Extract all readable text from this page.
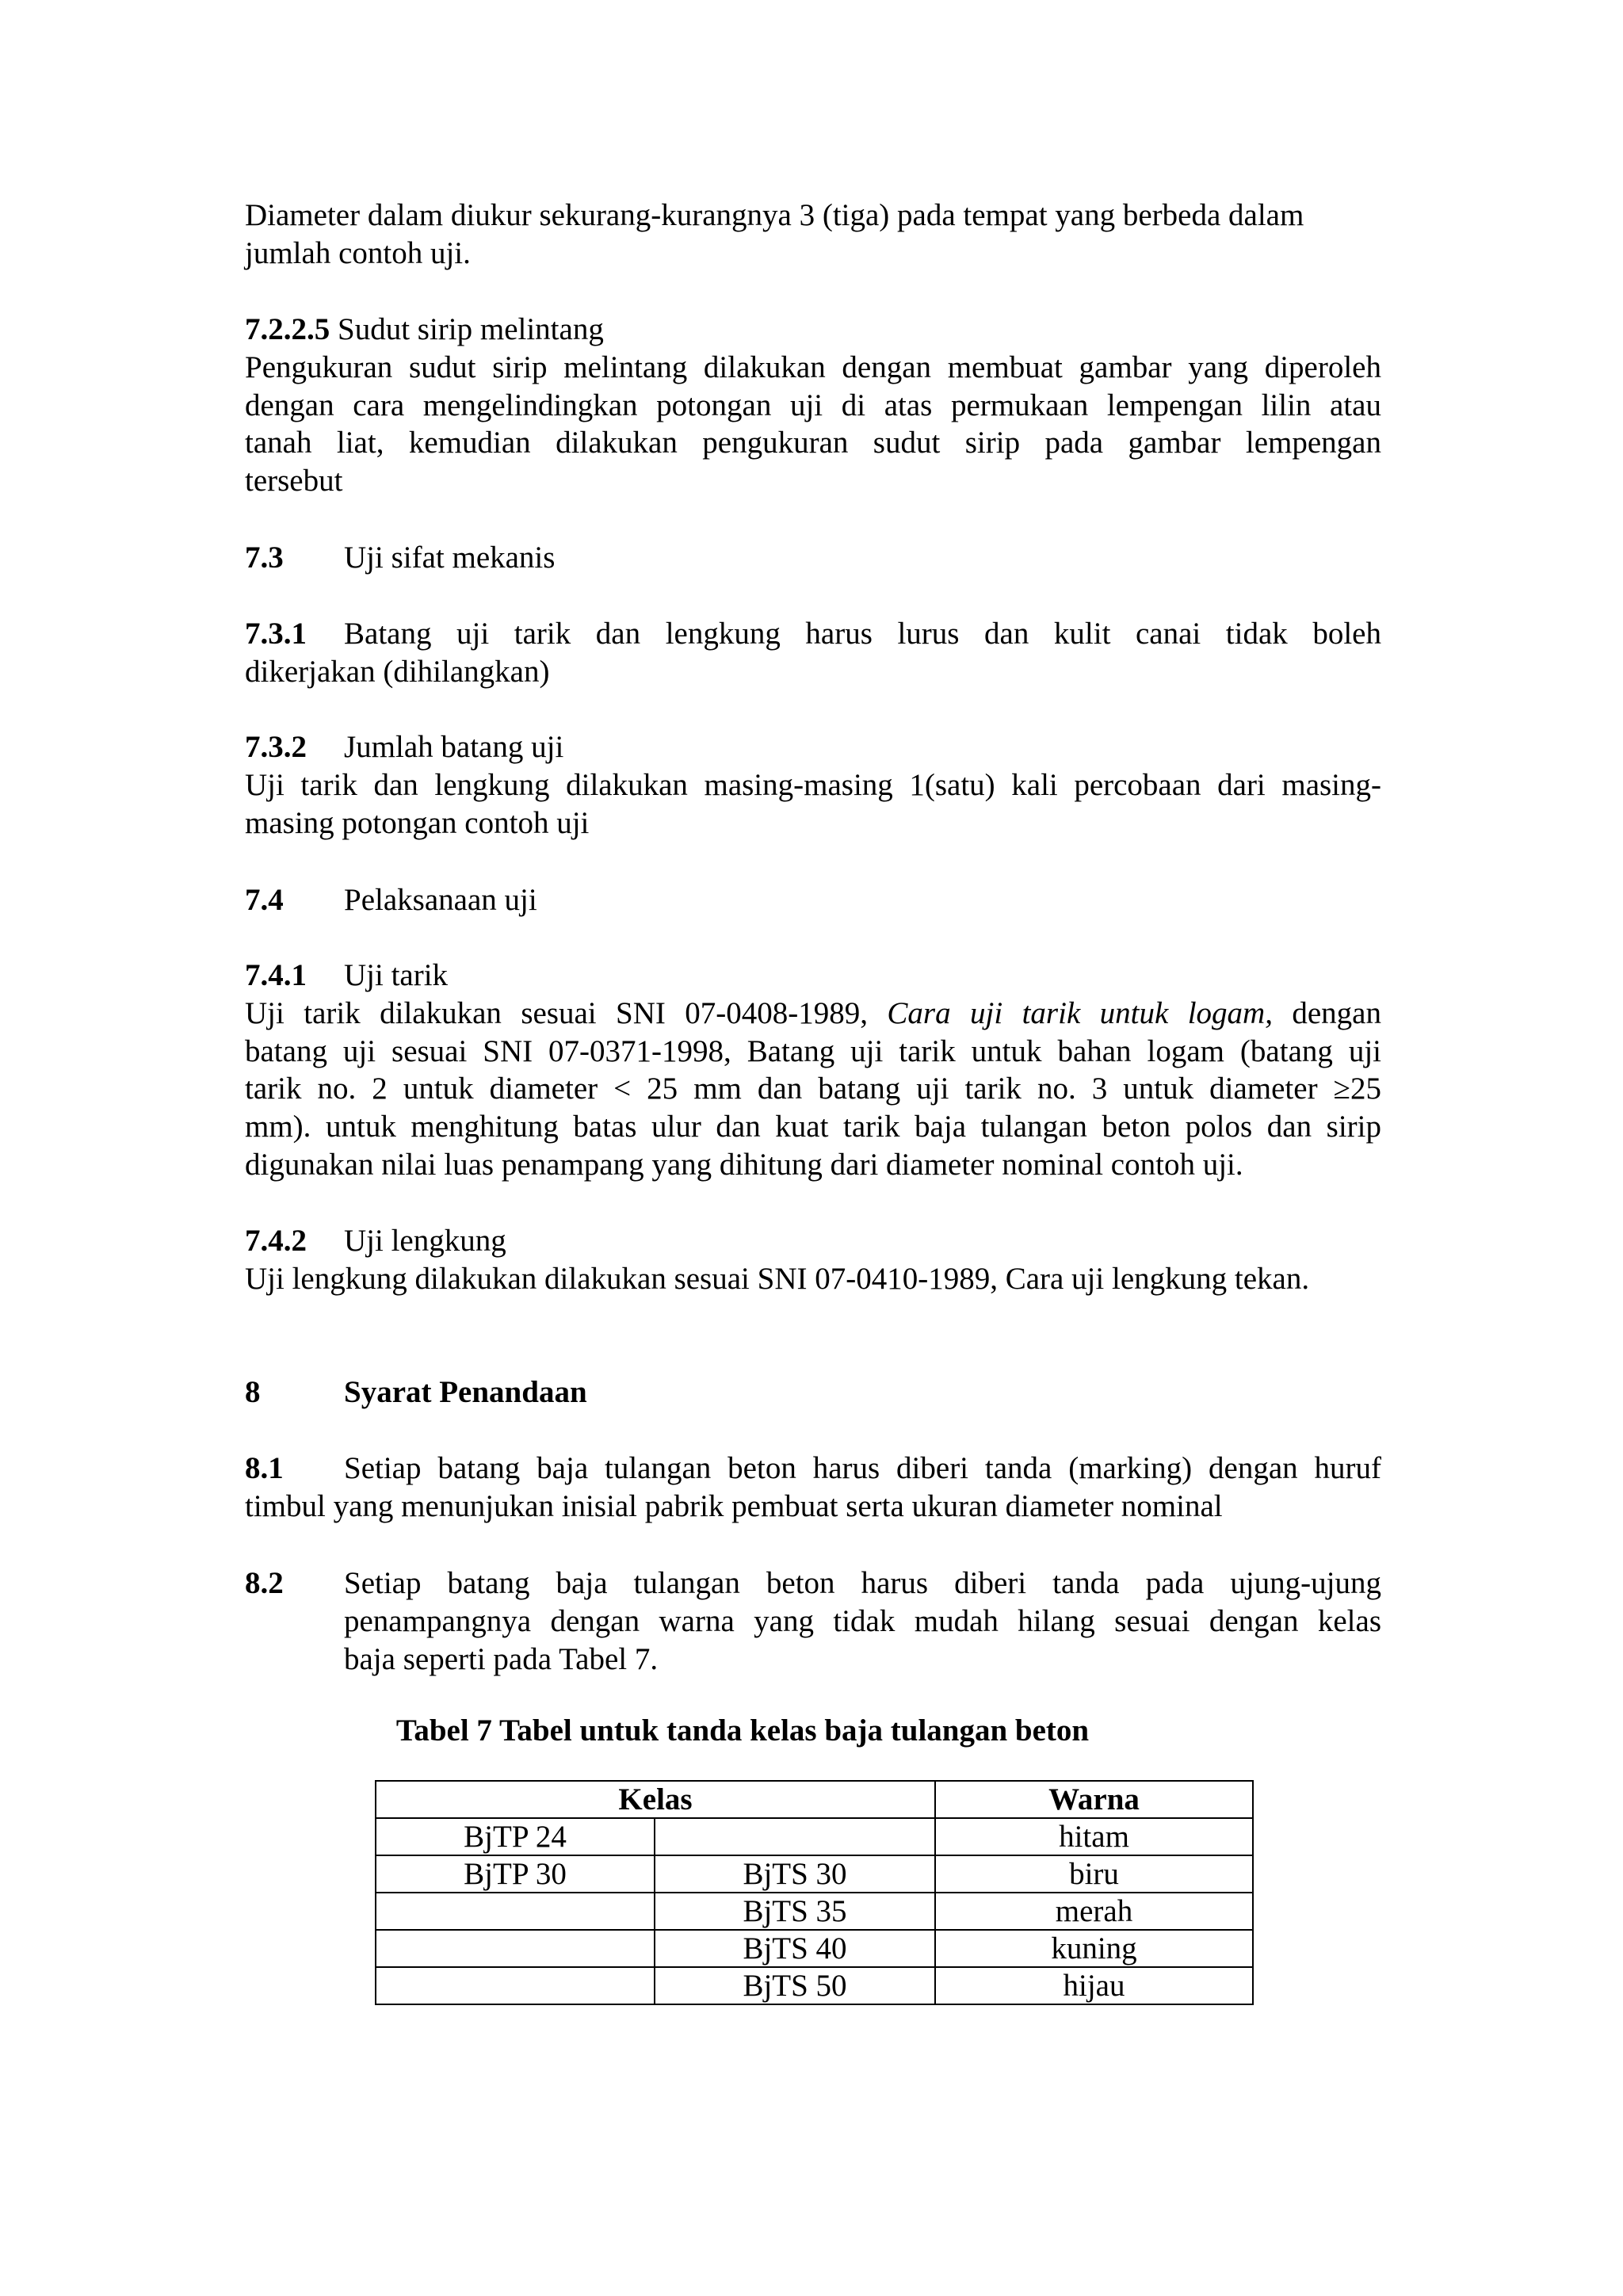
Diameter dalam diukur sekurang-kurangnya 3 (tiga) pada tempat yang berbeda dalam
jumlah contoh uji.
7.2.2.5 Sudut sirip melintang
Pengukuran sudut sirip melintang dilakukan dengan membuat gambar yang diperoleh
dengan cara mengelindingkan potongan uji di atas permukaan lempengan lilin atau
tanah liat, kemudian dilakukan pengukuran sudut sirip pada gambar lempengan
tersebut
7.3 Uji sifat mekanis
7.3.1 Batang uji tarik dan lengkung harus lurus dan kulit canai tidak boleh
dikerjakan (dihilangkan)
7.3.2 Jumlah batang uji
Uji tarik dan lengkung dilakukan masing-masing 1(satu) kali percobaan dari masing-
masing potongan contoh uji
7.4 Pelaksanaan uji
7.4.1 Uji tarik
Uji tarik dilakukan sesuai SNI 07-0408-1989, Cara uji tarik untuk logam, dengan
batang uji sesuai SNI 07-0371-1998, Batang uji tarik untuk bahan logam (batang uji
tarik no. 2 untuk diameter < 25 mm dan batang uji tarik no. 3 untuk diameter ≥25
mm). untuk menghitung batas ulur dan kuat tarik baja tulangan beton polos dan sirip
digunakan nilai luas penampang yang dihitung dari diameter nominal contoh uji.
7.4.2 Uji lengkung
Uji lengkung dilakukan dilakukan sesuai SNI 07-0410-1989, Cara uji lengkung tekan.
8	Syarat Penandaan
8.1 Setiap batang baja tulangan beton harus diberi tanda (marking) dengan huruf
timbul yang menunjukan inisial pabrik pembuat serta ukuran diameter nominal
8.2 Setiap batang baja tulangan beton harus diberi tanda pada ujung-ujung
penampangnya dengan warna yang tidak mudah hilang sesuai dengan kelas
baja seperti pada Tabel 7.
Tabel 7 Tabel untuk tanda kelas baja tulangan beton
Kelas		Warna
BjTP 24		hitam
BjTP 30	BjTS 30	biru
	BjTS 35	merah
	BjTS 40	kuning
	BjTS 50	hijau
